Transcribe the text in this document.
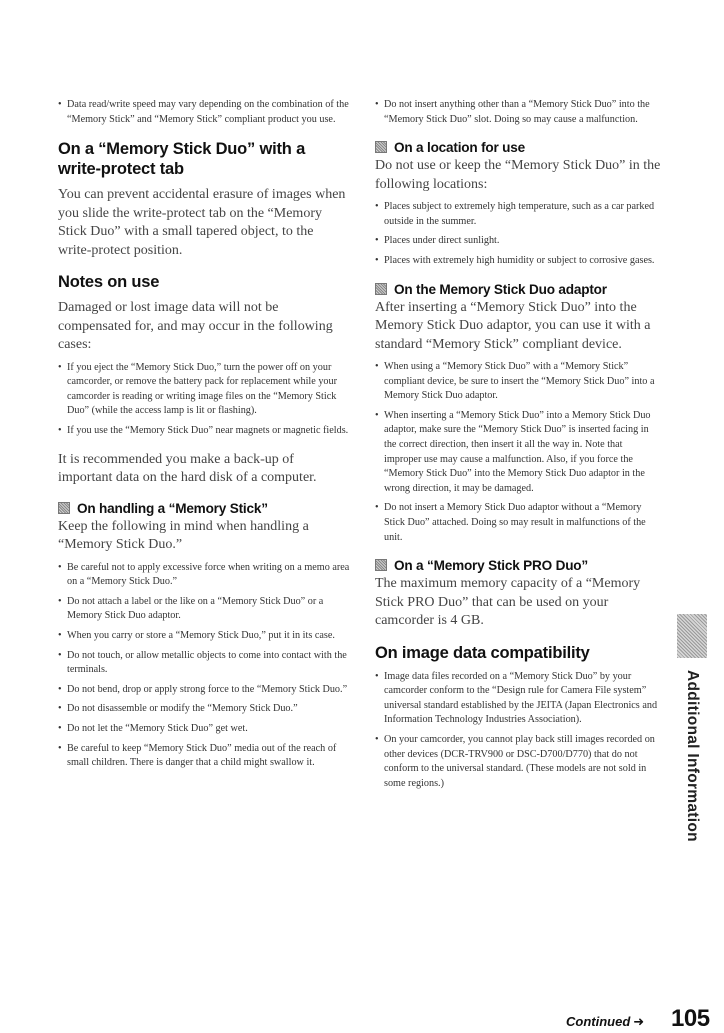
• Data read/write speed may vary depending on the combination of the “Memory Stick” and “Memory Stick” compliant product you use.
On a “Memory Stick Duo” with a write-protect tab

You can prevent accidental erasure of images when you slide the write-protect tab on the “Memory Stick Duo” with a small tapered object, to the write-protect position.

Notes on use

Damaged or lost image data will not be compensated for, and may occur in the following cases:

• If you eject the “Memory Stick Duo,” turn the power off on your camcorder, or remove the battery pack for replacement while your camcorder is reading or writing image files on the “Memory Stick Duo” (while the access lamp is lit or flashing).
• If you use the “Memory Stick Duo” near magnets or magnetic fields.

It is recommended you make a back-up of important data on the hard disk of a computer.

On handling a “Memory Stick”

Keep the following in mind when handling a “Memory Stick Duo.”

• Be careful not to apply excessive force when writing on a memo area on a “Memory Stick Duo.”
• Do not attach a label or the like on a “Memory Stick Duo” or a Memory Stick Duo adaptor.
• When you carry or store a “Memory Stick Duo,” put it in its case.
• Do not touch, or allow metallic objects to come into contact with the terminals.
• Do not bend, drop or apply strong force to the “Memory Stick Duo.”
• Do not disassemble or modify the “Memory Stick Duo.”
• Do not let the “Memory Stick Duo” get wet.
• Be careful to keep “Memory Stick Duo” media out of the reach of small children. There is danger that a child might swallow it.
• Do not insert anything other than a “Memory Stick Duo” into the “Memory Stick Duo” slot. Doing so may cause a malfunction.
On a location for use

Do not use or keep the “Memory Stick Duo” in the following locations:

• Places subject to extremely high temperature, such as a car parked outside in the summer.
• Places under direct sunlight.
• Places with extremely high humidity or subject to corrosive gases.
On the Memory Stick Duo adaptor

After inserting a “Memory Stick Duo” into the Memory Stick Duo adaptor, you can use it with a standard “Memory Stick” compliant device.

• When using a “Memory Stick Duo” with a “Memory Stick” compliant device, be sure to insert the “Memory Stick Duo” into a Memory Stick Duo adaptor.
• When inserting a “Memory Stick Duo” into a Memory Stick Duo adaptor, make sure the “Memory Stick Duo” is inserted facing in the correct direction, then insert it all the way in. Note that improper use may cause a malfunction. Also, if you force the “Memory Stick Duo” into the Memory Stick Duo adaptor in the wrong direction, it may be damaged.
• Do not insert a Memory Stick Duo adaptor without a “Memory Stick Duo” attached. Doing so may result in malfunctions of the unit.
On a “Memory Stick PRO Duo”

The maximum memory capacity of a “Memory Stick PRO Duo” that can be used on your camcorder is 4 GB.

On image data compatibility
• Image data files recorded on a “Memory Stick Duo” by your camcorder conform to the “Design rule for Camera File system” universal standard established by the JEITA (Japan Electronics and Information Technology Industries Association).
• On your camcorder, you cannot play back still images recorded on other devices (DCR-TRV900 or DSC-D700/D770) that do not conform to the universal standard. (These models are not sold in some regions.)	Additional Information
Continued ➜ 105
